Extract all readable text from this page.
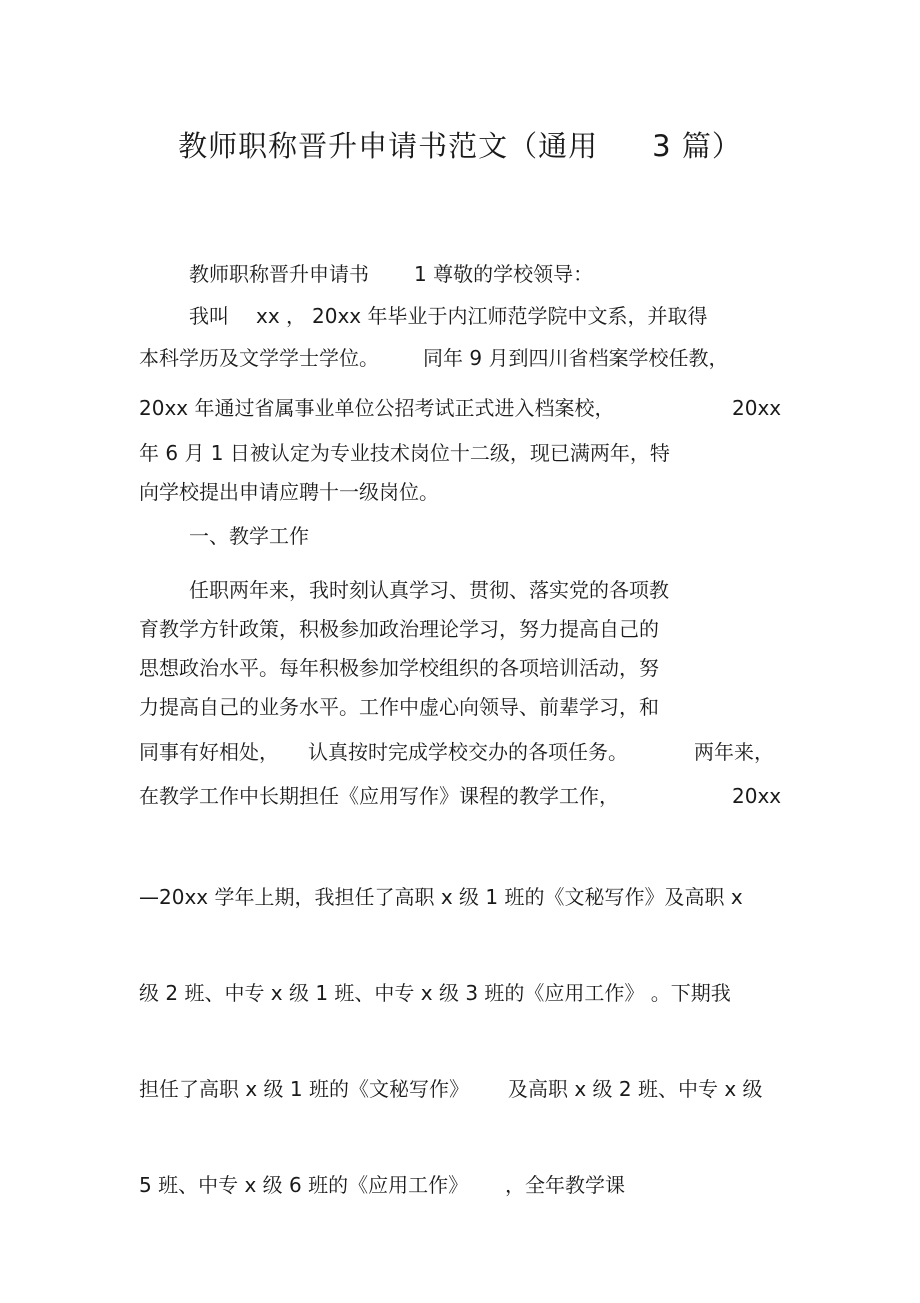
教师职称晋升申请书范文（通用 3 篇）
教师职称晋升申请书 1 尊敬的学校领导：
我叫 xx ， 20xx 年毕业于内江师范学院中文系，并取得
本科学历及文学学士学位。 同年 9 月到四川省档案学校任教，
20xx 年通过省属事业单位公招考试正式进入档案校，	20xx
年 6 月 1 日被认定为专业技术岗位十二级，现已满两年，特
向学校提出申请应聘十一级岗位。
一、教学工作
任职两年来，我时刻认真学习、贯彻、落实党的各项教
育教学方针政策，积极参加政治理论学习，努力提高自己的
思想政治水平。每年积极参加学校组织的各项培训活动，努
力提高自己的业务水平。工作中虚心向领导、前辈学习，和
同事有好相处， 认真按时完成学校交办的各项任务。	两年来，
在教学工作中长期担任《应用写作》课程的教学工作，	20xx
—20xx 学年上期，我担任了高职 x 级 1 班的《文秘写作》及高职 x
级 2 班、中专 x 级 1 班、中专 x 级 3 班的《应用工作》 。下期我
担任了高职 x 级 1 班的《文秘写作》 及高职 x 级 2 班、中专 x 级
5 班、中专 x 级 6 班的《应用工作》 ，全年教学课
